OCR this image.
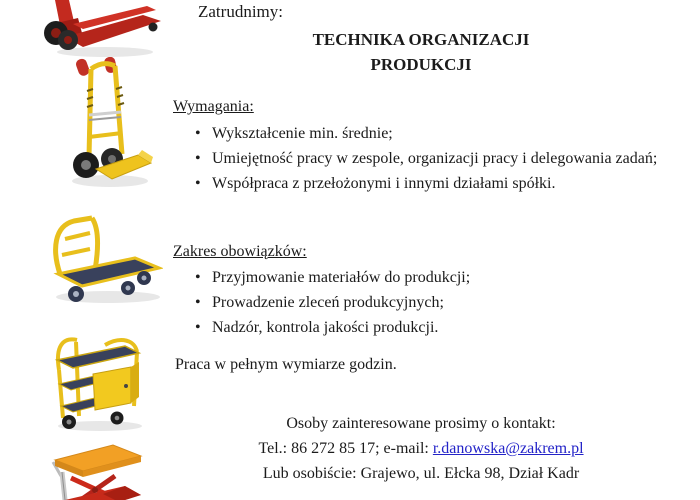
Zatrudnimy:
TECHNIKA ORGANIZACJI
PRODUKCJI
Wymagania:
• Wykształcenie min. średnie;
• Umiejętność pracy w zespole, organizacji pracy i delegowania zadań;
• Współpraca z przełożonymi i innymi działami spółki.
Zakres obowiązków:
• Przyjmowanie materiałów do produkcji;
• Prowadzenie zleceń produkcyjnych;
• Nadzór, kontrola jakości produkcji.
Praca w pełnym wymiarze godzin.
Osoby zainteresowane prosimy o kontakt:
Tel.: 86 272 85 17; e-mail: r.danowska@zakrem.pl
Lub osobiście: Grajewo, ul. Ełcka 98, Dział Kadr
